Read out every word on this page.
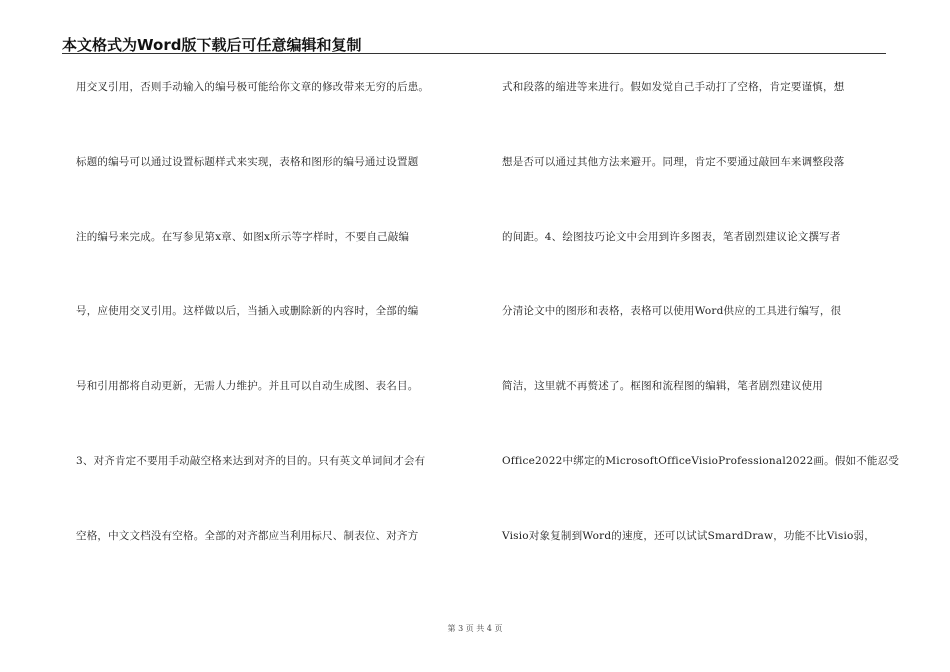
本文格式为Word版下载后可任意编辑和复制
用交叉引用，否则手动输入的编号极可能给你文章的修改带来无穷的后患。
标题的编号可以通过设置标题样式来实现，表格和图形的编号通过设置题
注的编号来完成。在写参见第x章、如图x所示等字样时，不要自己敲编
号，应使用交叉引用。这样做以后，当插入或删除新的内容时，全部的编
号和引用都将自动更新，无需人力维护。并且可以自动生成图、表名目。
3、对齐肯定不要用手动敲空格来达到对齐的目的。只有英文单词间才会有
空格，中文文档没有空格。全部的对齐都应当利用标尺、制表位、对齐方
式和段落的缩进等来进行。假如发觉自己手动打了空格，肯定要谨慎，想
想是否可以通过其他方法来避开。同理，肯定不要通过敲回车来调整段落
的间距。4、绘图技巧论文中会用到许多图表，笔者剧烈建议论文撰写者
分清论文中的图形和表格，表格可以使用Word供应的工具进行编写，很
简洁，这里就不再赘述了。框图和流程图的编辑，笔者剧烈建议使用
Office2022中绑定的MicrosoftOfficeVisioProfessional2022画。假如不能忍受
Visio对象复制到Word的速度，还可以试试SmardDraw，功能不比Visio弱，
第 3 页 共 4 页
